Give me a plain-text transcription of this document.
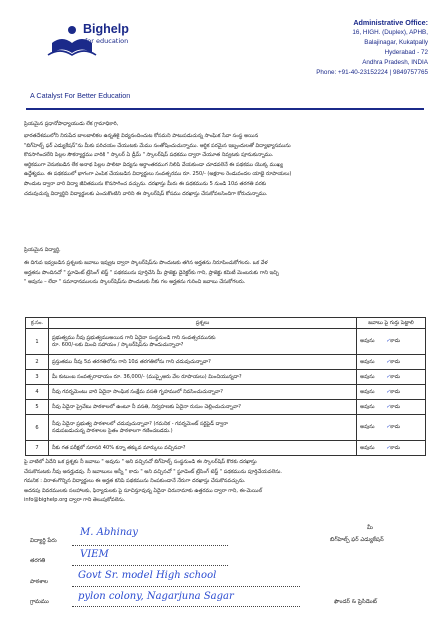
Bighelp
for education
A Catalyst For Better Education
Administrative Office:
16, HIGH. (Duplex), APHB,
Balajinagar, Kukatpally
Hyderabad - 72
Andhra Pradesh, INDIA
Phone: +91-40-23152224 | 9849757765
ప్రియమైన ప్రధానోపాధ్యాయుడు లేక గ్రామాధికారి,
భారతదేశములోని నిరుపేద బాలబాలికల ఉన్నతికై విద్యనందించుట కోసమని పాటుపడుచున్న సాంఘిక సేవా సంస్థ అయిన
"బిగ్‌హెల్ప్ ఫర్ ఎడ్యుకేషన్"ను మీకు పరిచయం చేయుటకు మేము సంతోషించుచున్నాము. ఆర్థిక పరమైన ఇబ్బందులతో విద్యాభ్యాసమును
కొనసాగించలేని పిల్లల సౌకర్యార్థము వారికి " స్కాలర్‌ ఏ డ్రీమ్ " స్కాలర్‌షిప్ పథకము ద్వారా చేయూత నివ్వటకు పూనుకున్నాము.
ఆర్థికముగా వెనుకబడిన లేక అనాథ పిల్లల పాలిటా విద్యను అర్ధాంతరముగ నిలిపి వేయకుండా చూడవలెనే ఈ పథకము యొక్క ముఖ్య
ఉద్దేశ్యము. ఈ పథకములో భాగంగా ఎంపిక చేయబడిన విద్యార్థులు సంవత్సరము రూ. 250/- (అక్షరాల రెండువందల యాభై రూపాయలు)
పొందుట ద్వారా వారి విద్యా జీవితమును కొనసాగించ వచ్చును. దరఖాస్తు మీరు ఈ పథకమును 5 నుండి 10వ తరగతి వరకు
చదువుచున్న విద్యార్థిని విద్యార్థులకు ఎంచుకొంటిని వారిని ఈ స్కాలర్‌షిప్ కోసము దరఖాస్తు చేసుకోవలసిందిగా కోరుచున్నాము.
ప్రియమైన విద్యార్థి,
ఈ దిగువ ఇవ్వబడిన ప్రశ్నలకు జవాబు ఇవ్వుట ద్వారా స్కాలర్‌షిప్‌ను పొందుటకు తగిన అర్హతను నిరూపించుకోగలరు. ఒక వేళ
అర్హతను పొందినచో " స్టూడెంట్ ట్రేసింగ్ టెస్ట్ " పథకమును పూర్తిచేసి మీ ప్రాజెక్టు డైరెక్టర్‌కు గాని, ప్రాజెక్టు కమిటీ మెంబరుకు గాని ఇచ్చి
" అవును – లేదా " సమాధానములను స్కాలర్‌షిప్‌ను పొందుటకు నీకు గల అర్హతను గురించి జవాబు చేసుకోగలరు.
క్ర.సం.	ప్రశ్నలు	జవాబు పై గుర్తు పెట్టాలి
1	ప్రభుత్వము నీవు ప్రభుత్వముఅయిన గాని ఏదైనా సంస్థనుండి గాని సంవత్సరమునకు
రూ. 600/-లకు మించి సహాయం / స్కాలర్‌షిప్‌ను పొందుచున్నావా?	అవును ✓కాదు
2	ప్రస్తుతము నీవు 5వ తరగతిలోను గాని 10వ తరగతిలోను గాని చదువుచున్నావా?	అవును ✓కాదు
3	మీ కుటుంబ సంవత్సరాదాయం రూ. 36,000/- (ముప్పైఆరు వేల రూపాయలు) మించియున్నదా?	అవును ✓కాదు
4	నీవు గవర్నమెంటు వారి ఏదైనా సాంఘిక సంక్షేమ వసతి గృహములో నివసించుచున్నావా?	అవును ✓కాదు
5	నీవు ఏదైనా ప్రైవేటు పాఠశాలలో ఉంటూ నీ వసతి, నిర్వహణకు ఏదైనా రుసుం చెల్లించుచున్నావా?	అవును ✓కాదు
6	నీవు ఏదైనా ప్రభుత్వ పాఠశాలలో చదువుచున్నావా? (గమనిక - గవర్నమెంట్ సర్టిఫైడ్ ద్వారా
నడుపబడుచున్న పాఠశాలల సైతం పాఠశాలగా గణించబడదు.)	అవును ✓కాదు
7	నీకు గత పరీక్షలో సరాసరి 40% కన్నా తక్కువ మార్కులు వచ్చినవా?	అవును ✓కాదు
పై వాటిలో ఏదేని ఒక ప్రశ్నకు నీ జవాబు " అవును " అని వచ్చినచో బిగ్‌హెల్ప్ సంస్థనుండి ఈ స్కాలర్‌షిప్ కొరకు దరఖాస్తు
చేసుకొనుటకు నీవు అనర్హుడవు. నీ జవాబులు అన్నీ " కాదు " అని వచ్చినచో " స్టూడెంట్ ట్రేసింగ్ టెస్ట్ " పథకమును పూర్తిచేయవలెను.
గమనిక : విరాళంగొన్నిన విద్యార్థులు ఈ అర్హత కనిపి పథకమును నింపకుండానే నేరుగా దరఖాస్తు చేసుకొనవచ్చును.
అదనపు వివరములకు సలహాలకు, ఫిర్యాదులకు పై సూచిస్తూవున్న ఏదైనా చిరునామాకు ఉత్తరము ద్వారా గాని, ఈ-మెయిల్
info@bighelp.org ద్వారా గాని తెలుపుకోవలెను.
విద్యార్థి పేరు
M. Abhinay
తరగతి
VIEM
పాఠశాల
Govt Sr. model High school
గ్రామము	pylon colony, Nagarjuna Sagar
మీ
బిగ్‌హెల్ప్ ఫర్ ఎడ్యుకేషన్
ఫౌండర్ & ప్రెసిడెంట్
